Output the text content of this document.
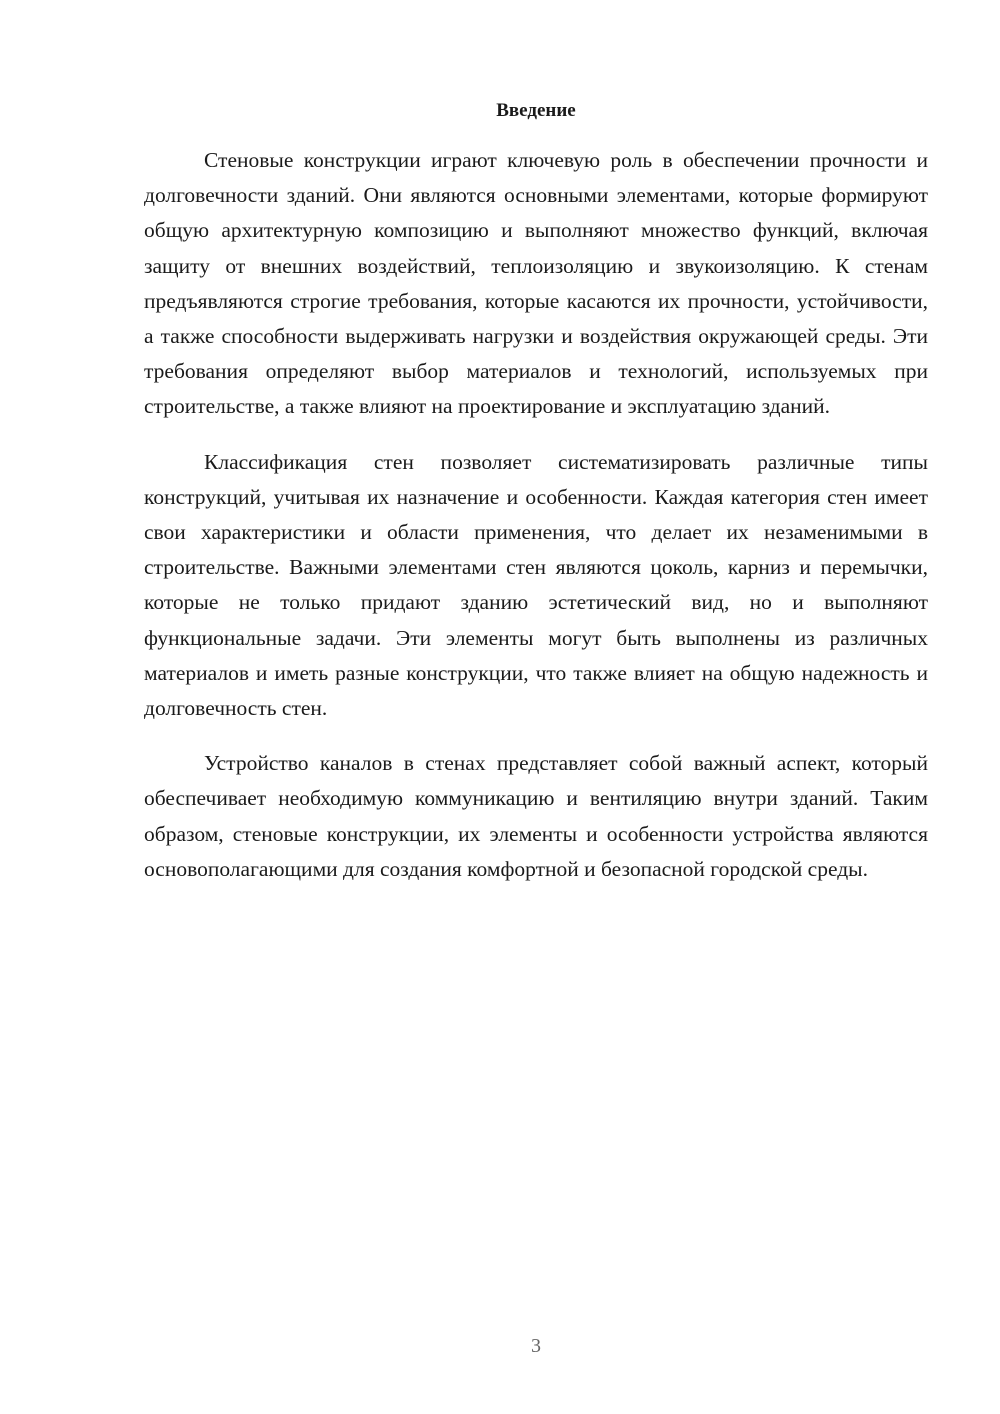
Введение

Стеновые конструкции играют ключевую роль в обеспечении прочности и долговечности зданий. Они являются основными элементами, которые формируют общую архитектурную композицию и выполняют множество функций, включая защиту от внешних воздействий, теплоизоляцию и звукоизоляцию. К стенам предъявляются строгие требования, которые касаются их прочности, устойчивости, а также способности выдерживать нагрузки и воздействия окружающей среды. Эти требования определяют выбор материалов и технологий, используемых при строительстве, а также влияют на проектирование и эксплуатацию зданий.

Классификация стен позволяет систематизировать различные типы конструкций, учитывая их назначение и особенности. Каждая категория стен имеет свои характеристики и области применения, что делает их незаменимыми в строительстве. Важными элементами стен являются цоколь, карниз и перемычки, которые не только придают зданию эстетический вид, но и выполняют функциональные задачи. Эти элементы могут быть выполнены из различных материалов и иметь разные конструкции, что также влияет на общую надежность и долговечность стен.

Устройство каналов в стенах представляет собой важный аспект, который обеспечивает необходимую коммуникацию и вентиляцию внутри зданий. Таким образом, стеновые конструкции, их элементы и особенности устройства являются основополагающими для создания комфортной и безопасной городской среды.

3
